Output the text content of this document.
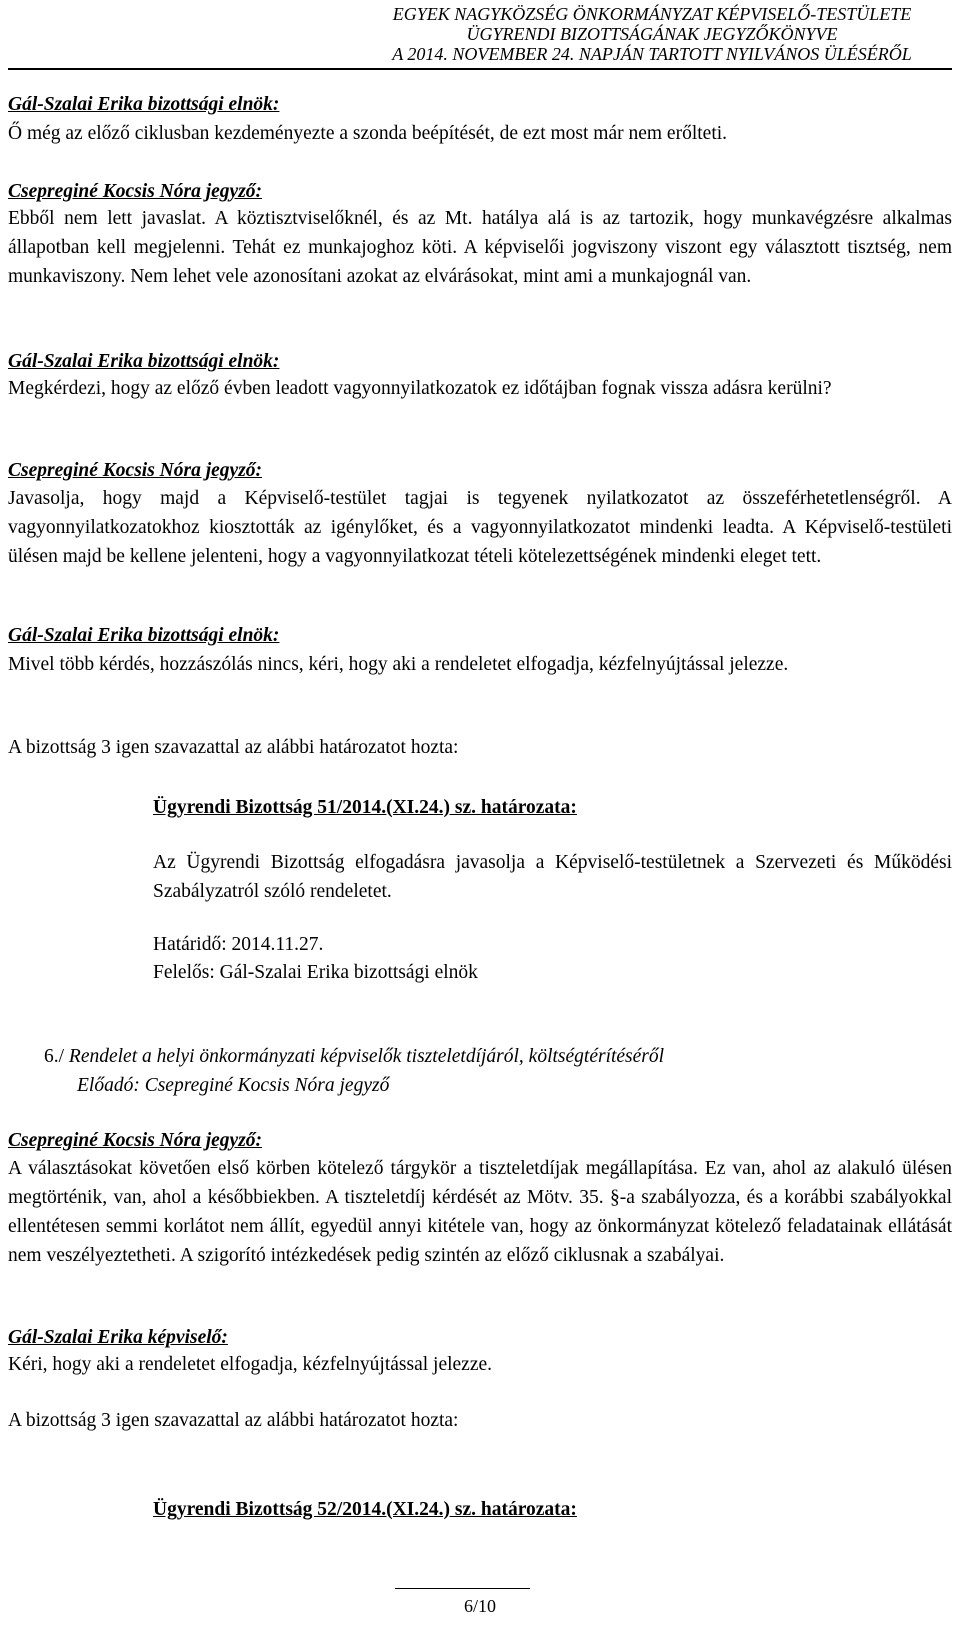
EGYEK NAGYKÖZSÉG ÖNKORMÁNYZAT KÉPVISELŐ-TESTÜLETE
ÜGYRENDI BIZOTTSÁGÁNAK JEGYZŐKÖNYVE
A 2014. NOVEMBER 24. NAPJÁN TARTOTT NYILVÁNOS ÜLÉSÉRŐL
Gál-Szalai Erika bizottsági elnök:
Ő még az előző ciklusban kezdeményezte a szonda beépítését, de ezt most már nem erőlteti.
Csepreginé Kocsis Nóra jegyző:
Ebből nem lett javaslat. A köztisztviselőknél, és az Mt. hatálya alá is az tartozik, hogy munkavégzésre alkalmas állapotban kell megjelenni. Tehát ez munkajoghoz köti. A képviselői jogviszony viszont egy választott tisztség, nem munkaviszony. Nem lehet vele azonosítani azokat az elvárásokat, mint ami a munkajognál van.
Gál-Szalai Erika bizottsági elnök:
Megkérdezi, hogy az előző évben leadott vagyonnyilatkozatok ez időtájban fognak vissza adásra kerülni?
Csepreginé Kocsis Nóra jegyző:
Javasolja, hogy majd a Képviselő-testület tagjai is tegyenek nyilatkozatot az összeférhetetlenségről. A vagyonnyilatkozatokhoz kiosztották az igénylőket, és a vagyonnyilatkozatot mindenki leadta. A Képviselő-testületi ülésen majd be kellene jelenteni, hogy a vagyonnyilatkozat tételi kötelezettségének mindenki eleget tett.
Gál-Szalai Erika bizottsági elnök:
Mivel több kérdés, hozzászólás nincs, kéri, hogy aki a rendeletet elfogadja, kézfelnyújtással jelezze.
A bizottság 3 igen szavazattal az alábbi határozatot hozta:
Ügyrendi Bizottság 51/2014.(XI.24.) sz. határozata:
Az Ügyrendi Bizottság elfogadásra javasolja a Képviselő-testületnek a Szervezeti és Működési Szabályzatról szóló rendeletet.
Határidő: 2014.11.27.
Felelős: Gál-Szalai Erika bizottsági elnök
6./ Rendelet a helyi önkormányzati képviselők tiszteletdíjáról, költségtérítéséről
Előadó: Csepreginé Kocsis Nóra jegyző
Csepreginé Kocsis Nóra jegyző:
A választásokat követően első körben kötelező tárgykör a tiszteletdíjak megállapítása. Ez van, ahol az alakuló ülésen megtörténik, van, ahol a későbbiekben. A tiszteletdíj kérdését az Mötv. 35. §-a szabályozza, és a korábbi szabályokkal ellentétesen semmi korlátot nem állít, egyedül annyi kitétele van, hogy az önkormányzat kötelező feladatainak ellátását nem veszélyeztetheti. A szigorító intézkedések pedig szintén az előző ciklusnak a szabályai.
Gál-Szalai Erika képviselő:
Kéri, hogy aki a rendeletet elfogadja, kézfelnyújtással jelezze.
A bizottság 3 igen szavazattal az alábbi határozatot hozta:
Ügyrendi Bizottság 52/2014.(XI.24.) sz. határozata:
6/10
